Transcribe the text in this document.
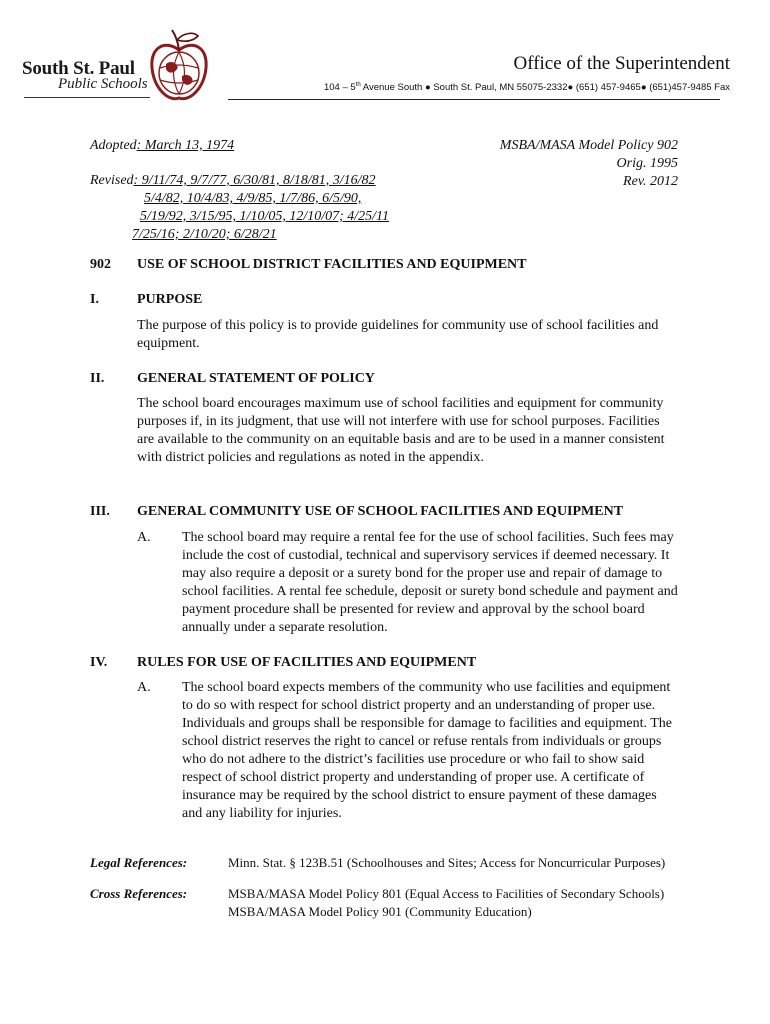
South St. Paul
Public Schools
Office of the Superintendent
104 – 5th Avenue South ● South St. Paul, MN 55075-2332● (651) 457-9465● (651)457-9485 Fax
Adopted: March 13, 1974
Revised: 9/11/74, 9/7/77, 6/30/81, 8/18/81, 3/16/82
5/4/82, 10/4/83, 4/9/85, 1/7/86, 6/5/90,
5/19/92, 3/15/95, 1/10/05, 12/10/07; 4/25/11
7/25/16; 2/10/20; 6/28/21
MSBA/MASA Model Policy 902
Orig. 1995
Rev. 2012
902 USE OF SCHOOL DISTRICT FACILITIES AND EQUIPMENT
I.	PURPOSE
The purpose of this policy is to provide guidelines for community use of school facilities and equipment.
II. GENERAL STATEMENT OF POLICY
The school board encourages maximum use of school facilities and equipment for community purposes if, in its judgment, that use will not interfere with use for school purposes. Facilities are available to the community on an equitable basis and are to be used in a manner consistent with district policies and regulations as noted in the appendix.
III. GENERAL COMMUNITY USE OF SCHOOL FACILITIES AND EQUIPMENT
A. The school board may require a rental fee for the use of school facilities. Such fees may include the cost of custodial, technical and supervisory services if deemed necessary. It may also require a deposit or a surety bond for the proper use and repair of damage to school facilities. A rental fee schedule, deposit or surety bond schedule and payment and payment procedure shall be presented for review and approval by the school board annually under a separate resolution.
IV. RULES FOR USE OF FACILITIES AND EQUIPMENT
A. The school board expects members of the community who use facilities and equipment to do so with respect for school district property and an understanding of proper use. Individuals and groups shall be responsible for damage to facilities and equipment. The school district reserves the right to cancel or refuse rentals from individuals or groups who do not adhere to the district’s facilities use procedure or who fail to show said respect of school district property and understanding of proper use. A certificate of insurance may be required by the school district to ensure payment of these damages and any liability for injuries.
Legal References:	Minn. Stat. § 123B.51 (Schoolhouses and Sites; Access for Noncurricular Purposes)
Cross References:	MSBA/MASA Model Policy 801 (Equal Access to Facilities of Secondary Schools)
MSBA/MASA Model Policy 901 (Community Education)
